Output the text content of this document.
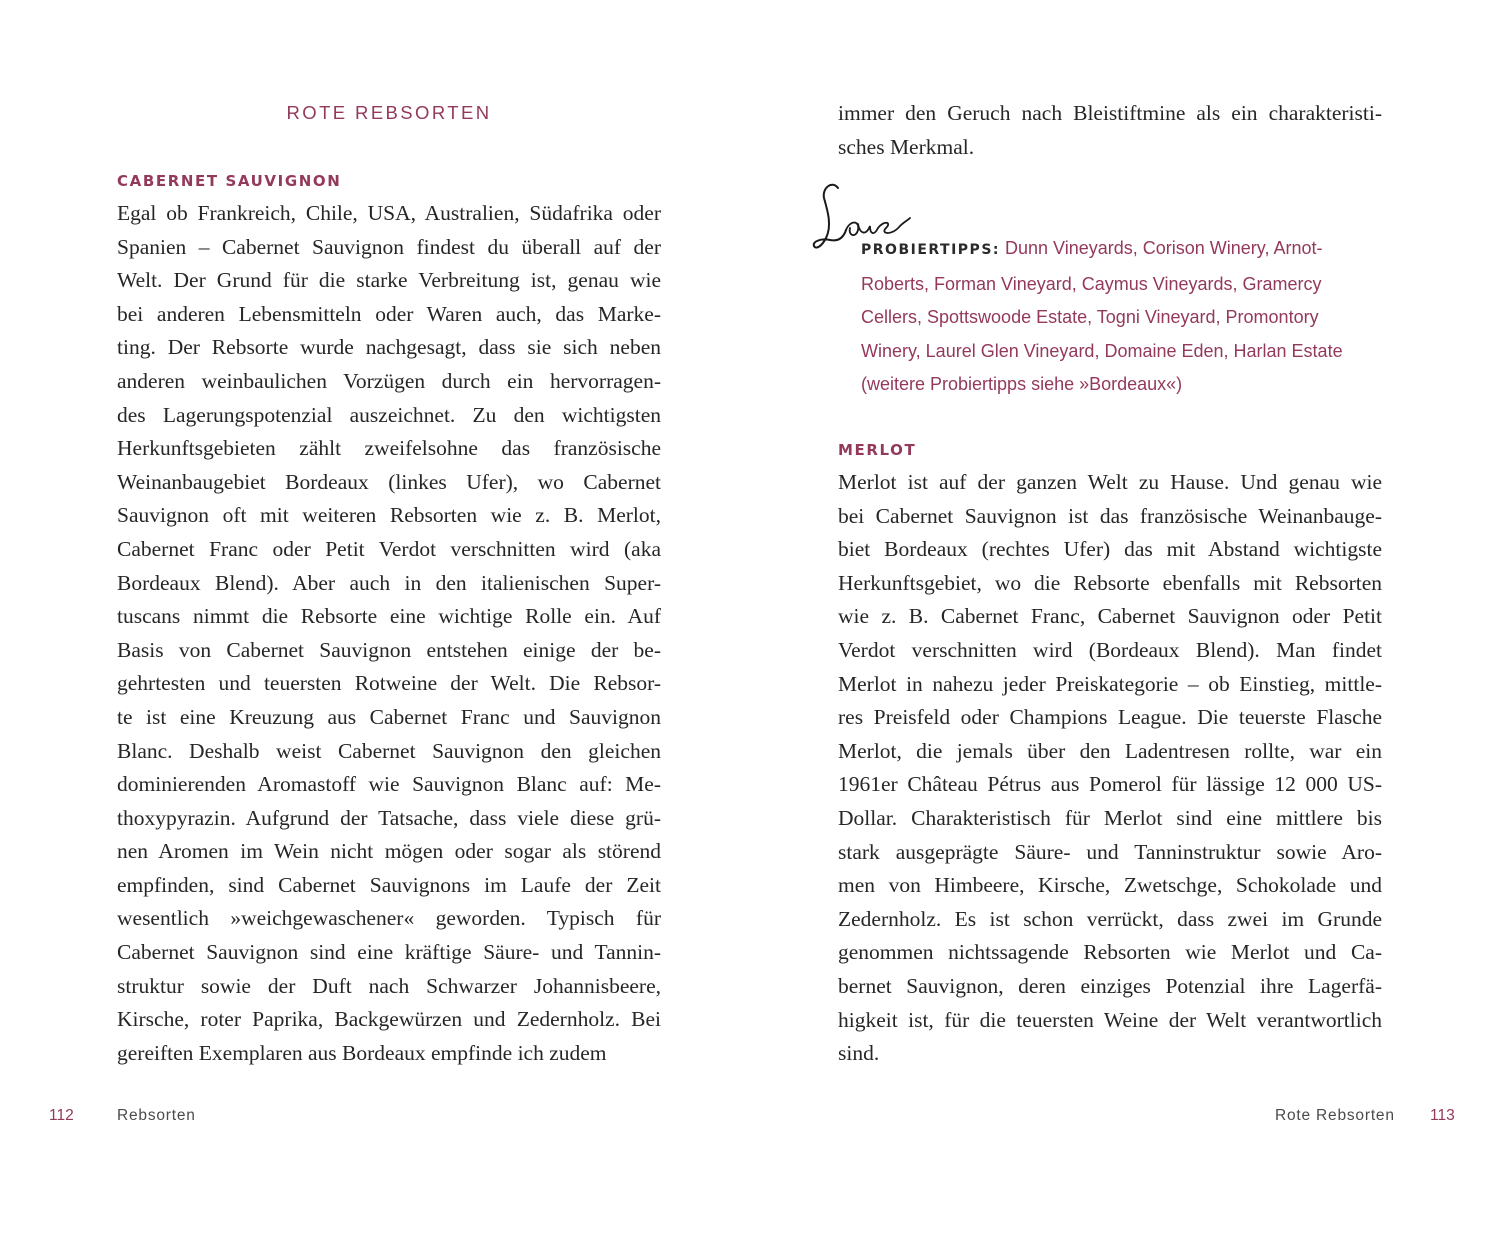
ROTE REBSORTEN
CABERNET SAUVIGNON
Egal ob Frankreich, Chile, USA, Australien, Südafrika oder
Spanien – Cabernet Sauvignon findest du überall auf der
Welt. Der Grund für die starke Verbreitung ist, genau wie
bei anderen Lebensmitteln oder Waren auch, das Marke-
ting. Der Rebsorte wurde nachgesagt, dass sie sich neben
anderen weinbaulichen Vorzügen durch ein hervorragen-
des Lagerungspotenzial auszeichnet. Zu den wichtigsten
Herkunftsgebieten zählt zweifelsohne das französische
Weinanbaugebiet Bordeaux (linkes Ufer), wo Cabernet
Sauvignon oft mit weiteren Rebsorten wie z. B. Merlot,
Cabernet Franc oder Petit Verdot verschnitten wird (aka
Bordeaux Blend). Aber auch in den italienischen Super-
tuscans nimmt die Rebsorte eine wichtige Rolle ein. Auf
Basis von Cabernet Sauvignon entstehen einige der be-
gehrtesten und teuersten Rotweine der Welt. Die Rebsor-
te ist eine Kreuzung aus Cabernet Franc und Sauvignon
Blanc. Deshalb weist Cabernet Sauvignon den gleichen
dominierenden Aromastoff wie Sauvignon Blanc auf: Me-
thoxypyrazin. Aufgrund der Tatsache, dass viele diese grü-
nen Aromen im Wein nicht mögen oder sogar als störend
empfinden, sind Cabernet Sauvignons im Laufe der Zeit
wesentlich »weichgewaschener« geworden. Typisch für
Cabernet Sauvignon sind eine kräftige Säure- und Tannin-
struktur sowie der Duft nach Schwarzer Johannisbeere,
Kirsche, roter Paprika, Backgewürzen und Zedernholz. Bei
gereiften Exemplaren aus Bordeaux empfinde ich zudem
112	Rebsorten
immer den Geruch nach Bleistiftmine als ein charakteristi-
sches Merkmal.
PROBIERTIPPS: Dunn Vineyards, Corison Winery, Arnot-
Roberts, Forman Vineyard, Caymus Vineyards, Gramercy
Cellers, Spottswoode Estate, Togni Vineyard, Promontory
Winery, Laurel Glen Vineyard, Domaine Eden, Harlan Estate
(weitere Probiertipps siehe »Bordeaux«)
MERLOT
Merlot ist auf der ganzen Welt zu Hause. Und genau wie
bei Cabernet Sauvignon ist das französische Weinanbauge-
biet Bordeaux (rechtes Ufer) das mit Abstand wichtigste
Herkunftsgebiet, wo die Rebsorte ebenfalls mit Rebsorten
wie z. B. Cabernet Franc, Cabernet Sauvignon oder Petit
Verdot verschnitten wird (Bordeaux Blend). Man findet
Merlot in nahezu jeder Preiskategorie – ob Einstieg, mittle-
res Preisfeld oder Champions League. Die teuerste Flasche
Merlot, die jemals über den Ladentresen rollte, war ein
1961er Château Pétrus aus Pomerol für lässige 12 000 US-
Dollar. Charakteristisch für Merlot sind eine mittlere bis
stark ausgeprägte Säure- und Tanninstruktur sowie Aro-
men von Himbeere, Kirsche, Zwetschge, Schokolade und
Zedernholz. Es ist schon verrückt, dass zwei im Grunde
genommen nichtssagende Rebsorten wie Merlot und Ca-
bernet Sauvignon, deren einziges Potenzial ihre Lagerfä-
higkeit ist, für die teuersten Weine der Welt verantwortlich
sind.
Rote Rebsorten 113
